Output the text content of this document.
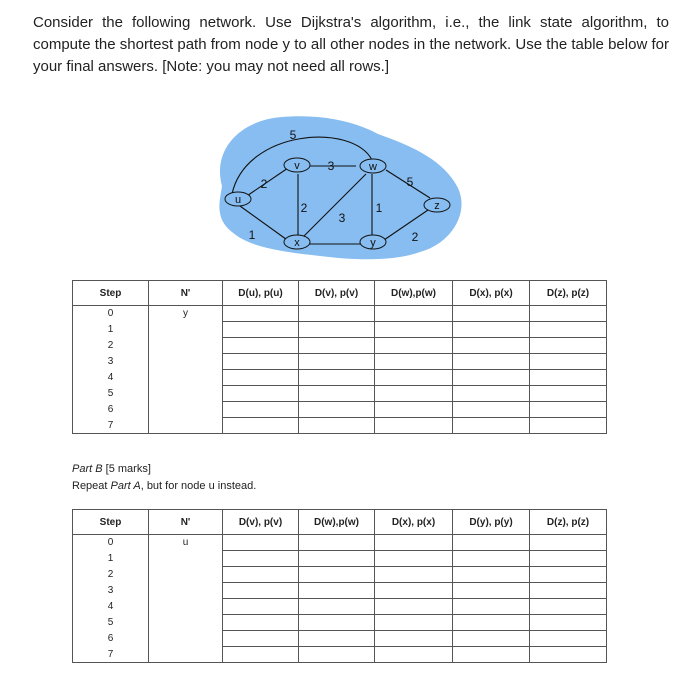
Consider the following network. Use Dijkstra's algorithm, i.e., the link state algorithm, to compute the shortest path from node y to all other nodes in the network. Use the table below for your final answers. [Note: you may not need all rows.]

5
3
2	5
2
3
1
1	2
u
v	w
x	y
z
Step	N'	D(u), p(u)	D(v), p(v)	D(w),p(w)	D(x), p(x)	D(z), p(z)
0	y					
1						
2						
3						
4						
5						
6						
7						
Part B [5 marks]
Repeat Part A, but for node u instead.
Step	N'	D(v), p(v)	D(w),p(w)	D(x), p(x)	D(y), p(y)	D(z), p(z)
0	u					
1						
2						
3						
4						
5						
6						
7						
